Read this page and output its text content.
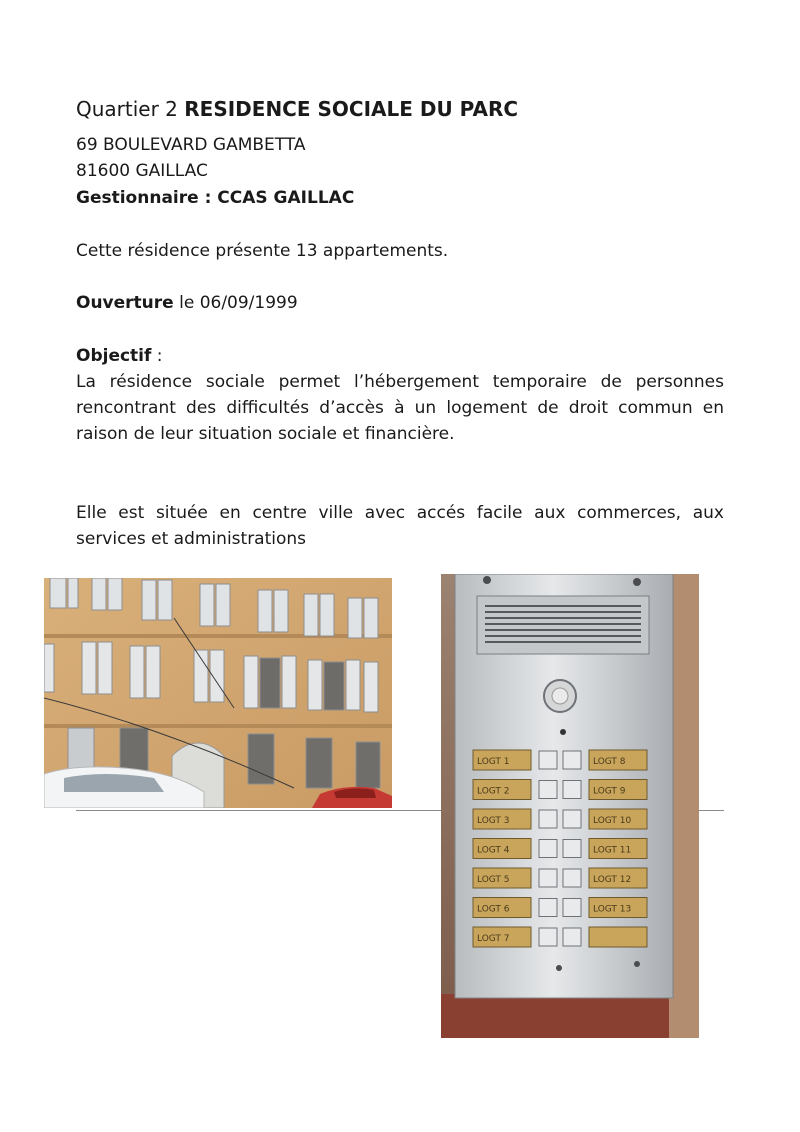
Quartier 2 RESIDENCE SOCIALE DU PARC
69 BOULEVARD GAMBETTA
81600 GAILLAC
Gestionnaire : CCAS GAILLAC
Cette résidence présente 13 appartements.
Ouverture le 06/09/1999
Objectif :
La résidence sociale permet l’hébergement temporaire de personnes rencontrant des difficultés d’accès à un logement de droit commun en raison de leur situation sociale et financière.
Elle est située en centre ville avec accés facile aux commerces, aux services et administrations
LOGT 1	LOGT 8
LOGT 2	LOGT 9
LOGT 3	LOGT 10
LOGT 4	LOGT 11
LOGT 5	LOGT 12
LOGT 6	LOGT 13
LOGT 7
